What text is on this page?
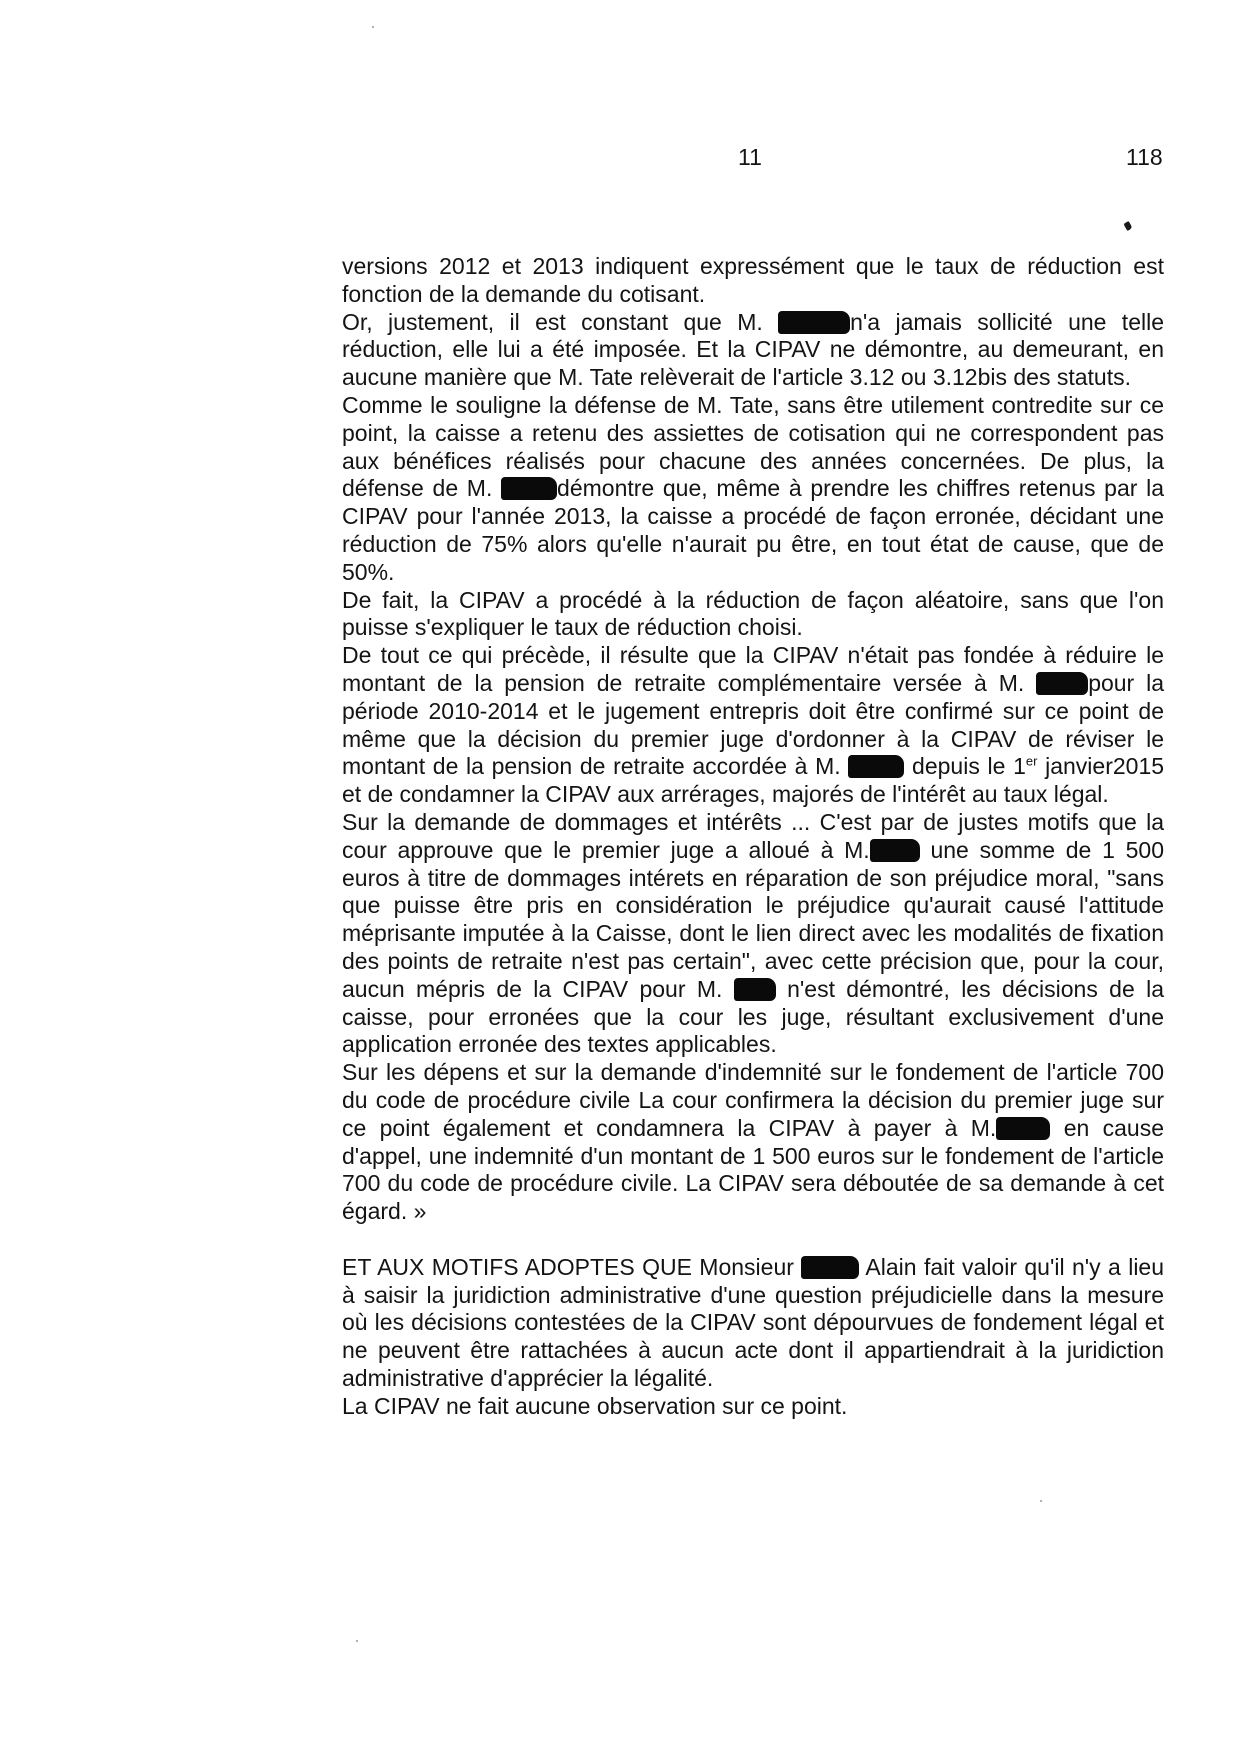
11	118

versions 2012 et 2013 indiquent expressément que le taux de réduction est fonction de la demande du cotisant.

Or, justement, il est constant que M.	n'a jamais sollicité une telle réduction, elle lui a été imposée. Et la CIPAV ne démontre, au demeurant, en aucune manière que M. Tate relèverait de l'article 3.12 ou 3.12bis des statuts.

Comme le souligne la défense de M. Tate, sans être utilement contredite sur ce point, la caisse a retenu des assiettes de cotisation qui ne correspondent pas aux bénéfices réalisés pour chacune des années concernées. De plus, la défense de M.	démontre que, même à prendre les chiffres retenus par la CIPAV pour l'année 2013, la caisse a procédé de façon erronée, décidant une réduction de 75% alors qu'elle n'aurait pu être, en tout état de cause, que de 50%.

De fait, la CIPAV a procédé à la réduction de façon aléatoire, sans que l'on puisse s'expliquer le taux de réduction choisi.

De tout ce qui précède, il résulte que la CIPAV n'était pas fondée à réduire le montant de la pension de retraite complémentaire versée à M.	pour la période 2010-2014 et le jugement entrepris doit être confirmé sur ce point de même que la décision du premier juge d'ordonner à la CIPAV de réviser le montant de la pension de retraite accordée à M.	depuis le 1er janvier2015 et de condamner la CIPAV aux arrérages, majorés de l'intérêt au taux légal.

Sur la demande de dommages et intérêts ... C'est par de justes motifs que la cour approuve que le premier juge a alloué à M.	une somme de 1 500 euros à titre de dommages intérets en réparation de son préjudice moral, "sans que puisse être pris en considération le préjudice qu'aurait causé l'attitude méprisante imputée à la Caisse, dont le lien direct avec les modalités de fixation des points de retraite n'est pas certain", avec cette précision que, pour la cour, aucun mépris de la CIPAV pour M.	n'est démontré, les décisions de la caisse, pour erronées que la cour les juge, résultant exclusivement d'une application erronée des textes applicables.

Sur les dépens et sur la demande d'indemnité sur le fondement de l'article 700 du code de procédure civile La cour confirmera la décision du premier juge sur ce point également et condamnera la CIPAV à payer à M.	en cause d'appel, une indemnité d'un montant de 1 500 euros sur le fondement de l'article 700 du code de procédure civile. La CIPAV sera déboutée de sa demande à cet égard. »

ET AUX MOTIFS ADOPTES QUE Monsieur	Alain fait valoir qu'il n'y a lieu à saisir la juridiction administrative d'une question préjudicielle dans la mesure où les décisions contestées de la CIPAV sont dépourvues de fondement légal et ne peuvent être rattachées à aucun acte dont il appartiendrait à la juridiction administrative d'apprécier la légalité.

La CIPAV ne fait aucune observation sur ce point.
